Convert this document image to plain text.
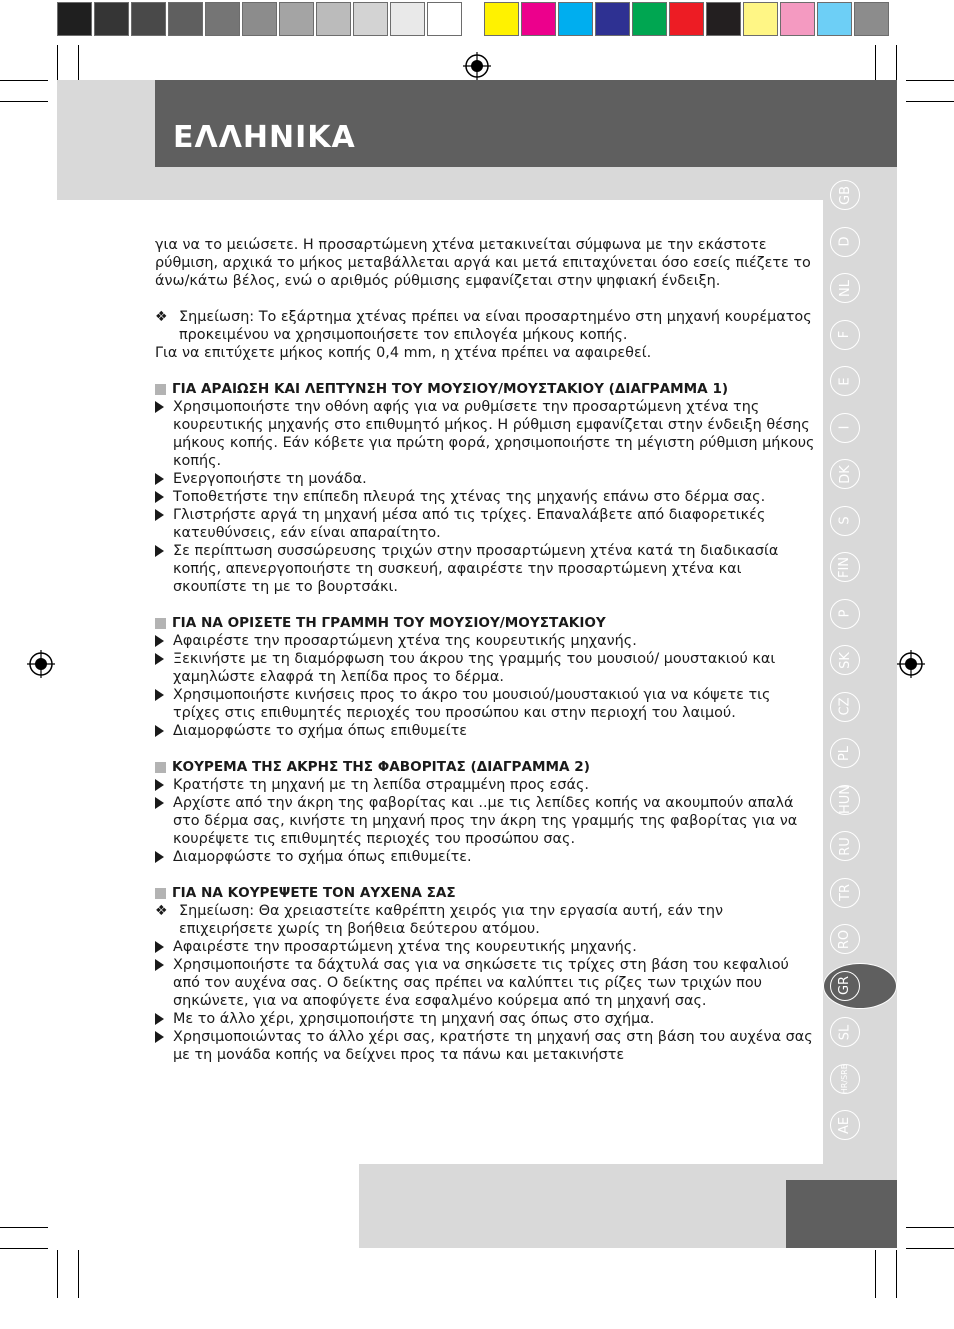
ΕΛΛΗΝΙΚΑ
GB
D
NL
F
E
I
DK
S
FIN
P
SK
CZ
PL
HUN
RU
TR
RO
GR
SL
HR/SRB
AE

για να το μειώσετε. Η προσαρτώμενη χτένα μετακινείται σύμφωνα με την εκάστοτε ρύθμιση, αρχικά το μήκος μεταβάλλεται αργά και μετά επιταχύνεται όσο εσείς πιέζετε το άνω/κάτω βέλος, ενώ ο αριθμός ρύθμισης εμφανίζεται στην ψηφιακή ένδειξη.

❖ Σημείωση: Το εξάρτημα χτένας πρέπει να είναι προσαρτημένο στη μηχανή κουρέματος προκειμένου να χρησιμοποιήσετε τον επιλογέα μήκους κοπής.

Για να επιτύχετε μήκος κοπής 0,4 mm, η χτένα πρέπει να αφαιρεθεί.

ΓΙΑ ΑΡΑΙΩΣΗ ΚΑΙ ΛΕΠΤΥΝΣΗ ΤΟΥ ΜΟΥΣΙΟΥ/ΜΟΥΣΤΑΚΙΟΥ (ΔΙΑΓΡΑΜΜΑ 1)

Χρησιμοποιήστε την οθόνη αφής για να ρυθμίσετε την προσαρτώμενη χτένα της κουρευτικής μηχανής στο επιθυμητό μήκος. Η ρύθμιση εμφανίζεται στην ένδειξη θέσης μήκους κοπής. Εάν κόβετε για πρώτη φορά, χρησιμοποιήστε τη μέγιστη ρύθμιση μήκους κοπής.

Ενεργοποιήστε τη μονάδα.

Τοποθετήστε την επίπεδη πλευρά της χτένας της μηχανής επάνω στο δέρμα σας.

Γλιστρήστε αργά τη μηχανή μέσα από τις τρίχες. Επαναλάβετε από διαφορετικές κατευθύνσεις, εάν είναι απαραίτητο.

Σε περίπτωση συσσώρευσης τριχών στην προσαρτώμενη χτένα κατά τη διαδικασία κοπής, απενεργοποιήστε τη συσκευή, αφαιρέστε την προσαρτώμενη χτένα και σκουπίστε τη με το βουρτσάκι.

ΓΙΑ ΝΑ ΟΡΙΣΕΤΕ ΤΗ ΓΡΑΜΜΗ ΤΟΥ ΜΟΥΣΙΟΥ/ΜΟΥΣΤΑΚΙΟΥ

Αφαιρέστε την προσαρτώμενη χτένα της κουρευτικής μηχανής.

Ξεκινήστε με τη διαμόρφωση του άκρου της γραμμής του μουσιού/ μουστακιού και χαμηλώστε ελαφρά τη λεπίδα προς το δέρμα.

Χρησιμοποιήστε κινήσεις προς το άκρο του μουσιού/μουστακιού για να κόψετε τις τρίχες στις επιθυμητές περιοχές του προσώπου και στην περιοχή του λαιμού.

Διαμορφώστε το σχήμα όπως επιθυμείτε

ΚΟΥΡΕΜΑ ΤΗΣ ΑΚΡΗΣ ΤΗΣ ΦΑΒΟΡΙΤΑΣ (ΔΙΑΓΡΑΜΜΑ 2)

Κρατήστε τη μηχανή με τη λεπίδα στραμμένη προς εσάς.

Αρχίστε από την άκρη της φαβορίτας και ..με τις λεπίδες κοπής να ακουμπούν απαλά στο δέρμα σας, κινήστε τη μηχανή προς την άκρη της γραμμής της φαβορίτας για να κουρέψετε τις επιθυμητές περιοχές του προσώπου σας.

Διαμορφώστε το σχήμα όπως επιθυμείτε.

ΓΙΑ ΝΑ ΚΟΥΡΕΨΕΤΕ ΤΟΝ ΑΥΧΕΝΑ ΣΑΣ

❖ Σημείωση: Θα χρειαστείτε καθρέπτη χειρός για την εργασία αυτή, εάν την επιχειρήσετε χωρίς τη βοήθεια δεύτερου ατόμου.

Αφαιρέστε την προσαρτώμενη χτένα της κουρευτικής μηχανής.

Χρησιμοποιήστε τα δάχτυλά σας για να σηκώσετε τις τρίχες στη βάση του κεφαλιού από τον αυχένα σας. Ο δείκτης σας πρέπει να καλύπτει τις ρίζες των τριχών που σηκώνετε, για να αποφύγετε ένα εσφαλμένο κούρεμα από τη μηχανή σας.

Με το άλλο χέρι, χρησιμοποιήστε τη μηχανή σας όπως στο σχήμα.

Χρησιμοποιώντας το άλλο χέρι σας, κρατήστε τη μηχανή σας στη βάση του αυχένα σας με τη μονάδα κοπής να δείχνει προς τα πάνω και μετακινήστε
